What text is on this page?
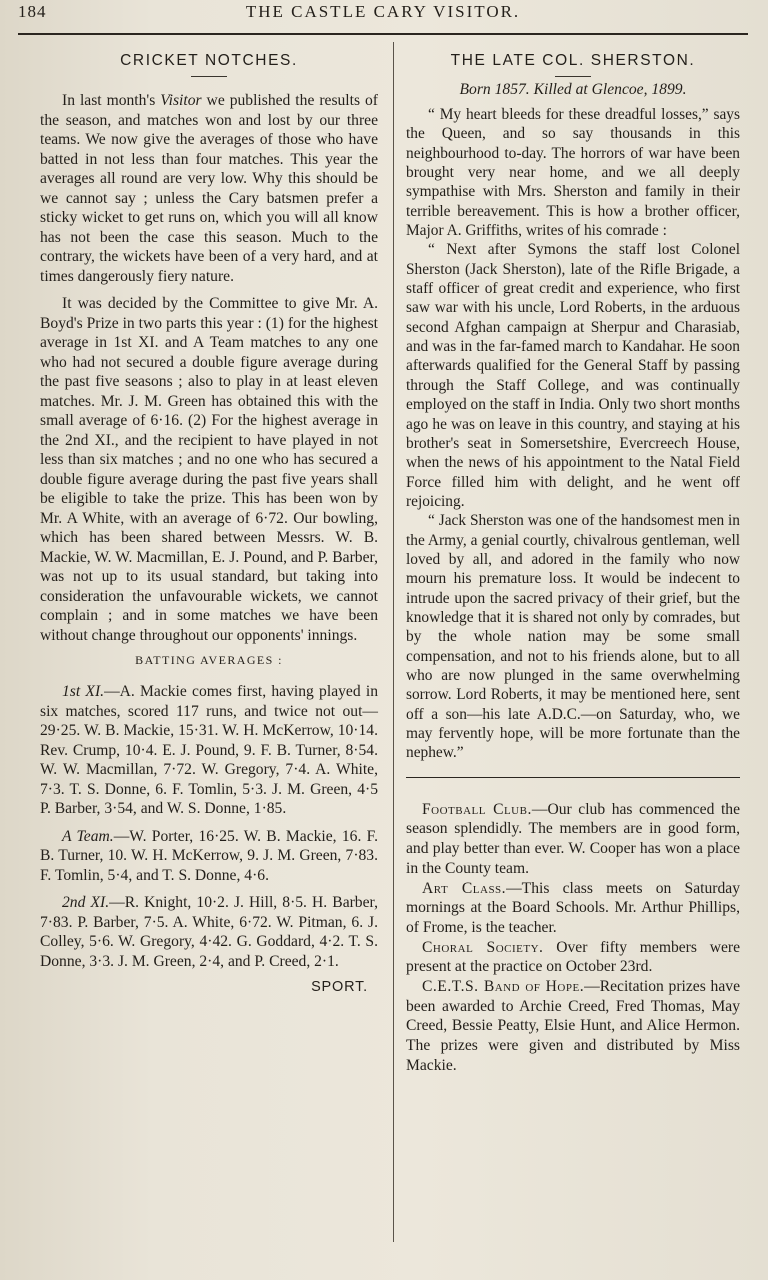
184	THE CASTLE CARY VISITOR.
CRICKET NOTCHES.

In last month's Visitor we published the results of the season, and matches won and lost by our three teams. We now give the averages of those who have batted in not less than four matches. This year the averages all round are very low. Why this should be we cannot say ; unless the Cary batsmen prefer a sticky wicket to get runs on, which you will all know has not been the case this season. Much to the contrary, the wickets have been of a very hard, and at times dangerously fiery nature.

It was decided by the Committee to give Mr. A. Boyd's Prize in two parts this year : (1) for the highest average in 1st XI. and A Team matches to any one who had not secured a double figure average during the past five seasons ; also to play in at least eleven matches. Mr. J. M. Green has obtained this with the small average of 6·16. (2) For the highest average in the 2nd XI., and the recipient to have played in not less than six matches ; and no one who has secured a double figure average during the past five years shall be eligible to take the prize. This has been won by Mr. A White, with an average of 6·72. Our bowling, which has been shared between Messrs. W. B. Mackie, W. W. Macmillan, E. J. Pound, and P. Barber, was not up to its usual standard, but taking into consideration the unfavourable wickets, we cannot complain ; and in some matches we have been without change throughout our opponents' innings.

BATTING AVERAGES :

1st XI.—A. Mackie comes first, having played in six matches, scored 117 runs, and twice not out—29·25. W. B. Mackie, 15·31. W. H. McKerrow, 10·14. Rev. Crump, 10·4. E. J. Pound, 9. F. B. Turner, 8·54. W. W. Macmillan, 7·72. W. Gregory, 7·4. A. White, 7·3. T. S. Donne, 6. F. Tomlin, 5·3. J. M. Green, 4·5 P. Barber, 3·54, and W. S. Donne, 1·85.

A Team.—W. Porter, 16·25. W. B. Mackie, 16. F. B. Turner, 10. W. H. McKerrow, 9. J. M. Green, 7·83. F. Tomlin, 5·4, and T. S. Donne, 4·6.

2nd XI.—R. Knight, 10·2. J. Hill, 8·5. H. Barber, 7·83. P. Barber, 7·5. A. White, 6·72. W. Pitman, 6. J. Colley, 5·6. W. Gregory, 4·42. G. Goddard, 4·2. T. S. Donne, 3·3. J. M. Green, 2·4, and P. Creed, 2·1.

SPORT.
THE LATE COL. SHERSTON.
Born 1857. Killed at Glencoe, 1899.

“ My heart bleeds for these dreadful losses,” says the Queen, and so say thousands in this neighbourhood to-day. The horrors of war have been brought very near home, and we all deeply sympathise with Mrs. Sherston and family in their terrible bereavement. This is how a brother officer, Major A. Griffiths, writes of his comrade :

“ Next after Symons the staff lost Colonel Sherston (Jack Sherston), late of the Rifle Brigade, a staff officer of great credit and experience, who first saw war with his uncle, Lord Roberts, in the arduous second Afghan campaign at Sherpur and Charasiab, and was in the far-famed march to Kandahar. He soon afterwards qualified for the General Staff by passing through the Staff College, and was continually employed on the staff in India. Only two short months ago he was on leave in this country, and staying at his brother's seat in Somersetshire, Evercreech House, when the news of his appointment to the Natal Field Force filled him with delight, and he went off rejoicing.

“ Jack Sherston was one of the handsomest men in the Army, a genial courtly, chivalrous gentleman, well loved by all, and adored in the family who now mourn his premature loss. It would be indecent to intrude upon the sacred privacy of their grief, but the knowledge that it is shared not only by comrades, but by the whole nation may be some small compensation, and not to his friends alone, but to all who are now plunged in the same overwhelming sorrow. Lord Roberts, it may be mentioned here, sent off a son—his late A.D.C.—on Saturday, who, we may fervently hope, will be more fortunate than the nephew.”

Football Club.—Our club has commenced the season splendidly. The members are in good form, and play better than ever. W. Cooper has won a place in the County team.

Art Class.—This class meets on Saturday mornings at the Board Schools. Mr. Arthur Phillips, of Frome, is the teacher.

Choral Society. Over fifty members were present at the practice on October 23rd.

C.E.T.S. Band of Hope.—Recitation prizes have been awarded to Archie Creed, Fred Thomas, May Creed, Bessie Peatty, Elsie Hunt, and Alice Hermon. The prizes were given and distributed by Miss Mackie.
